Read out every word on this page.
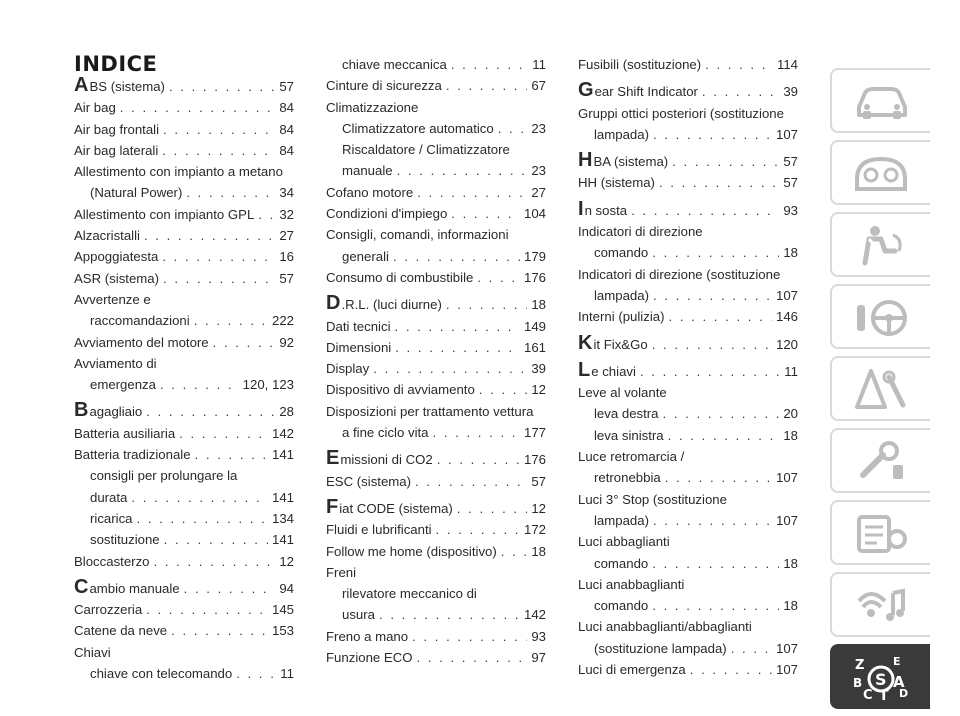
INDICE
ABS (sistema) . . .	57
Air bag . . .	84
Air bag frontali . . .	84
Air bag laterali . . .	84
Allestimento con impianto a metano
(Natural Power) . . .	34
Allestimento con impianto GPL . . . 32
Alzacristalli . . .	27
Appoggiatesta . . .	16
ASR (sistema) . . .	57
Avvertenze e
raccomandazioni . . .	222
Avviamento del motore . . .	92
Avviamento di
emergenza . . .	120, 123
Bagagliaio . . .	28
Batteria ausiliaria . . .	142
Batteria tradizionale . . .	141
consigli per prolungare la
durata . . .	141
ricarica . . .	134
sostituzione . . .	141
Bloccasterzo . . .	12
Cambio manuale . . .	94
Carrozzeria . . .	145
Catene da neve . . .	153
Chiavi
chiave con telecomando . . .	11
chiave meccanica . . .	11
Cinture di sicurezza . . .	67
Climatizzazione
Climatizzatore automatico . . .	23
Riscaldatore / Climatizzatore
manuale . . .	23
Cofano motore . . .	27
Condizioni d'impiego . . .	104
Consigli, comandi, informazioni
generali . . .	179
Consumo di combustibile . . .	176
D.R.L. (luci diurne) . . .	18
Dati tecnici . . .	149
Dimensioni . . .	161
Display . . .	39
Dispositivo di avviamento . . .	12
Disposizioni per trattamento vettura
a fine ciclo vita . . .	177
Emissioni di CO2 . . .	176
ESC (sistema) . . .	57
Fiat CODE (sistema) . . .	12
Fluidi e lubrificanti . . .	172
Follow me home (dispositivo) . . .	18
Freni
rilevatore meccanico di
usura . . .	142
Freno a mano . . .	93
Funzione ECO . . .	97
Fusibili (sostituzione) . . .	114
Gear Shift Indicator . . .	39
Gruppi ottici posteriori (sostituzione
lampada) . . .	107
HBA (sistema) . . .	57
HH (sistema) . . .	57
In sosta . . .	93
Indicatori di direzione
comando . . .	18
Indicatori di direzione (sostituzione
lampada) . . .	107
Interni (pulizia) . . .	146
Kit Fix&Go . . .	120
Le chiavi . . .	11
Leve al volante
leva destra . . .	20
leva sinistra . . .	18
Luce retromarcia /
retronebbia . . .	107
Luci 3° Stop (sostituzione
lampada) . . .	107
Luci abbaglianti
comando . . .	18
Luci anabbaglianti
comando . . .	18
Luci anabbaglianti/abbaglianti
(sostituzione lampada) . . .	107
Luci di emergenza . . .	107	Z	E
B S A
C T D
